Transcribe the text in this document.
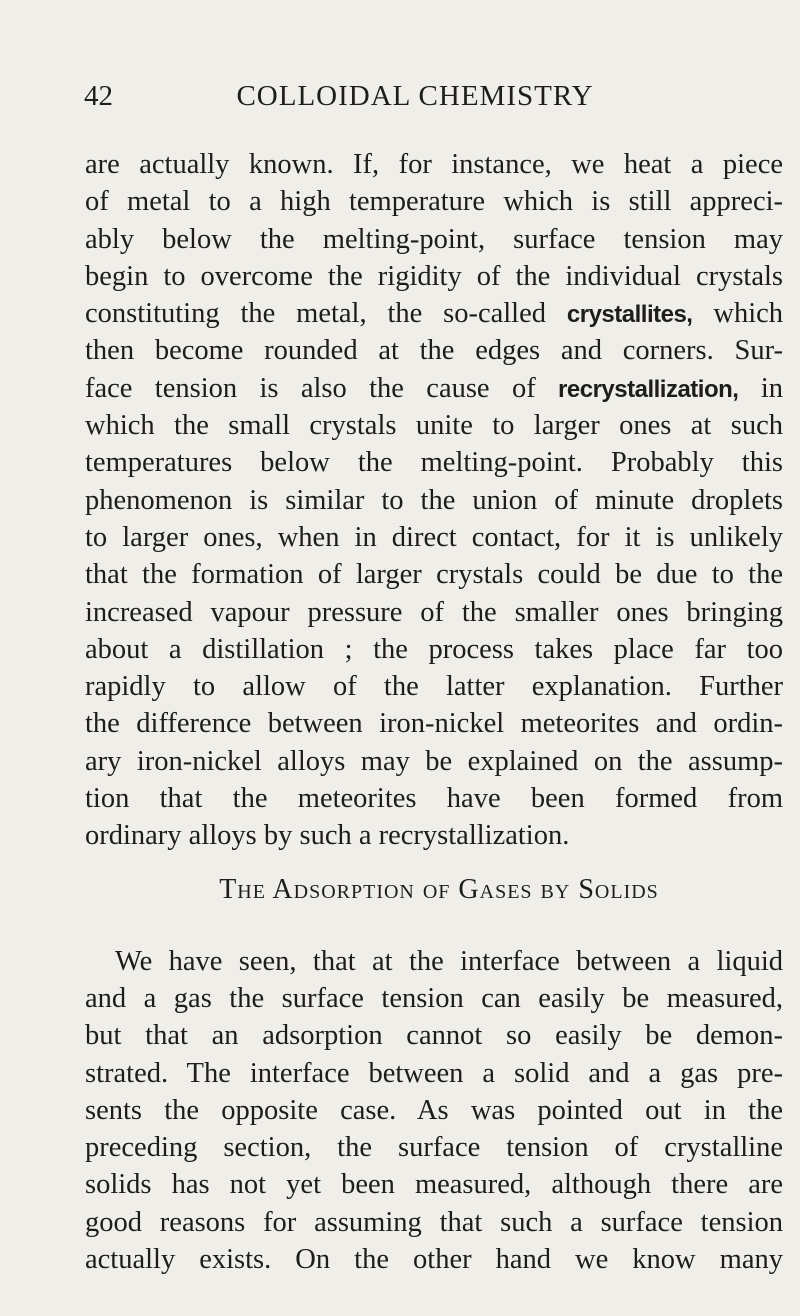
42	COLLOIDAL CHEMISTRY
are actually known. If, for instance, we heat a piece
of metal to a high temperature which is still appreci-
ably below the melting-point, surface tension may
begin to overcome the rigidity of the individual crystals
constituting the metal, the so-called crystallites, which
then become rounded at the edges and corners. Sur-
face tension is also the cause of recrystallization, in
which the small crystals unite to larger ones at such
temperatures below the melting-point. Probably this
phenomenon is similar to the union of minute droplets
to larger ones, when in direct contact, for it is unlikely
that the formation of larger crystals could be due to the
increased vapour pressure of the smaller ones bringing
about a distillation ; the process takes place far too
rapidly to allow of the latter explanation. Further
the difference between iron-nickel meteorites and ordin-
ary iron-nickel alloys may be explained on the assump-
tion that the meteorites have been formed from
ordinary alloys by such a recrystallization.
The Adsorption of Gases by Solids
We have seen, that at the interface between a liquid
and a gas the surface tension can easily be measured,
but that an adsorption cannot so easily be demon-
strated. The interface between a solid and a gas pre-
sents the opposite case. As was pointed out in the
preceding section, the surface tension of crystalline
solids has not yet been measured, although there are
good reasons for assuming that such a surface tension
actually exists. On the other hand we know many
